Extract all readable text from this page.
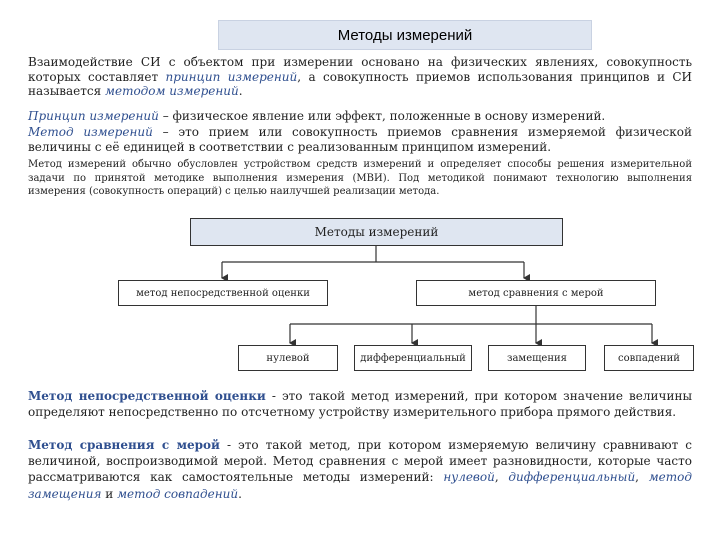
Методы измерений
Взаимодействие СИ с объектом при измерении основано на физических явлениях, совокупность которых составляет принцип измерений, а совокупность приемов использования принципов и СИ называется методом измерений.
Принцип измерений – физическое явление или эффект, положенные в основу измерений.
Метод измерений – это прием или совокупность приемов сравнения измеряемой физической величины с её единицей в соответствии с реализованным принципом измерений.
Метод измерений обычно обусловлен устройством средств измерений и определяет способы решения измерительной задачи по принятой методике выполнения измерения (МВИ). Под методикой понимают технологию выполнения измерения (совокупность операций) с целью наилучшей реализации метода.
Методы измерений
метод непосредственной оценки	метод сравнения с мерой
нулевой	дифференциальный	замещения	совпадений
Метод непосредственной оценки - это такой метод измерений, при котором значение величины определяют непосредственно по отсчетному устройству измерительного прибора прямого действия.
Метод сравнения с мерой - это такой метод, при котором измеряемую величину сравнивают с величиной, воспроизводимой мерой. Метод сравнения с мерой имеет разновидности, которые часто рассматриваются как самостоятельные методы измерений: нулевой, дифференциальный, метод замещения и метод совпадений.
